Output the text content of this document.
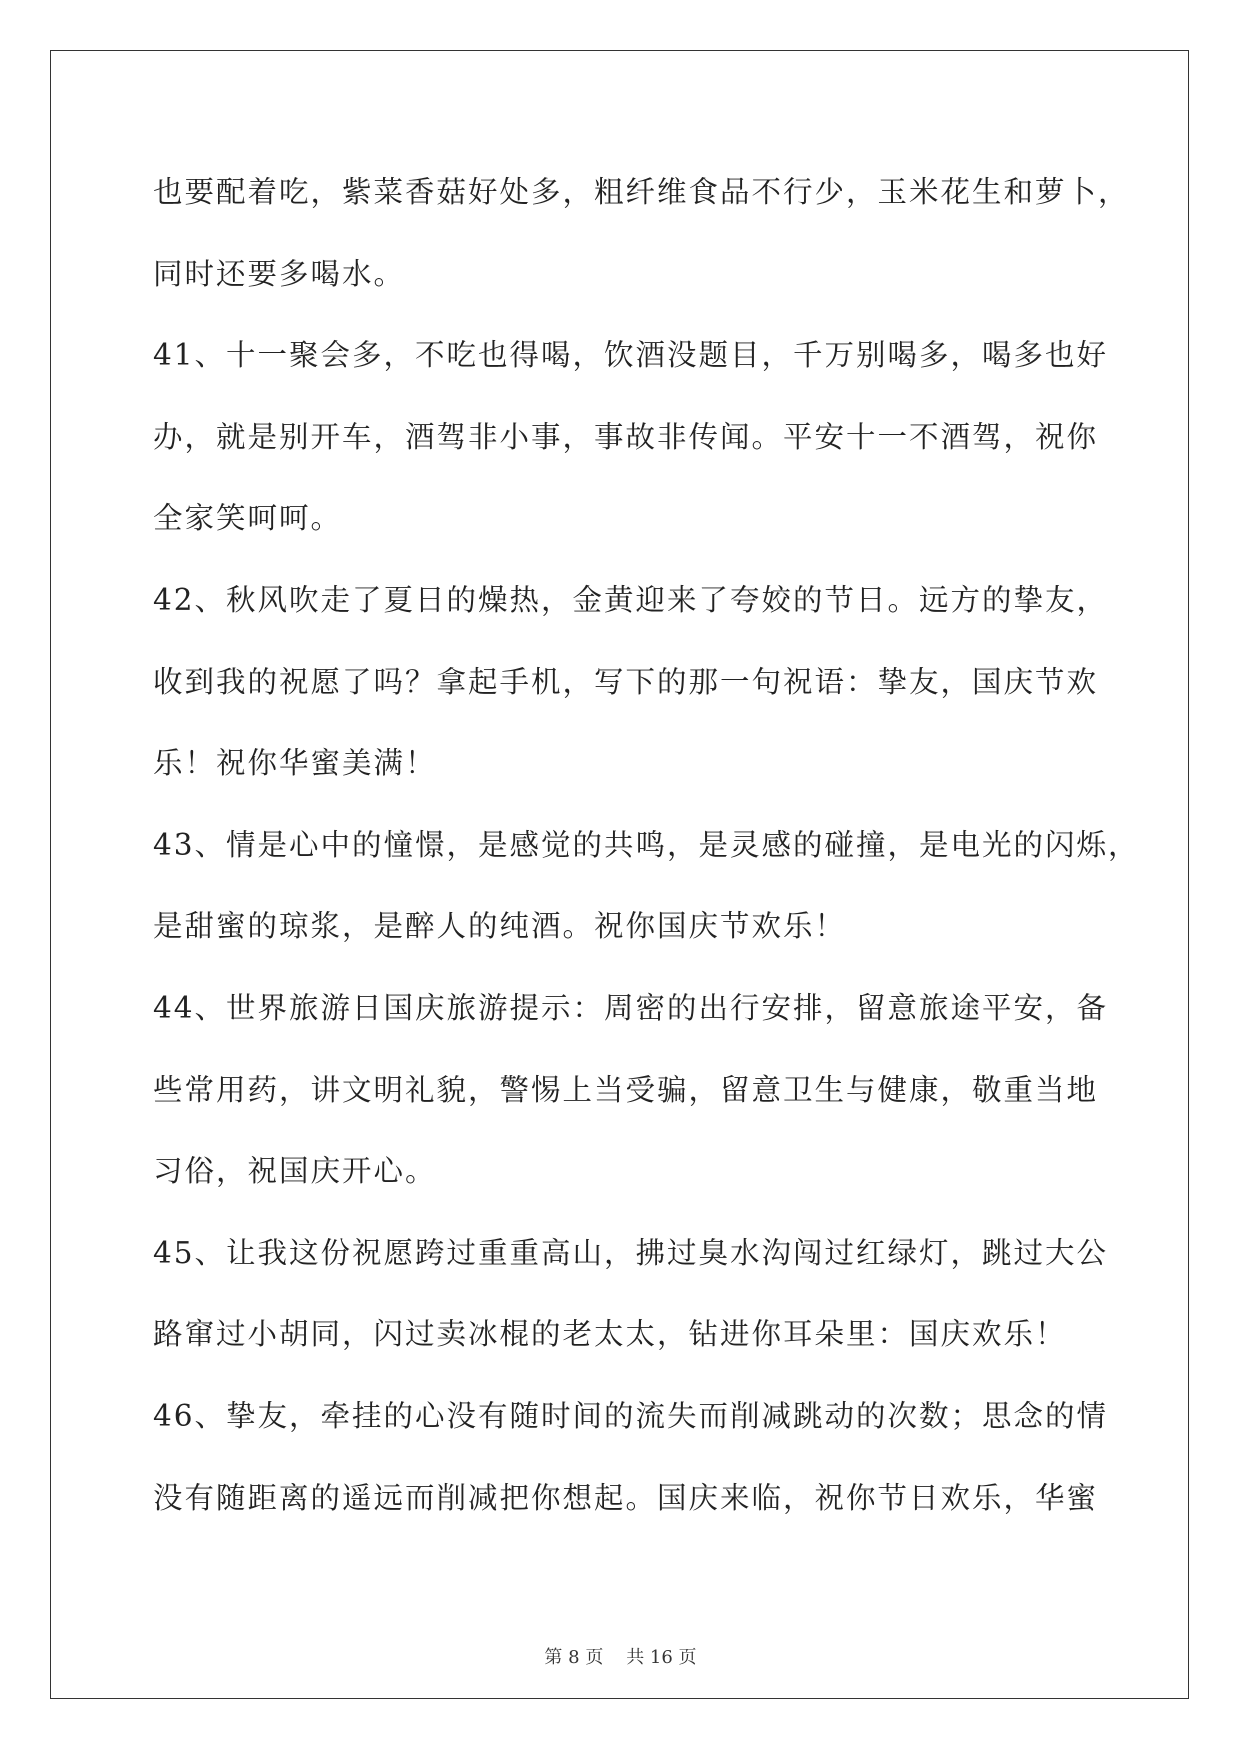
也要配着吃，紫菜香菇好处多，粗纤维食品不行少，玉米花生和萝卜，
同时还要多喝水。
41、十一聚会多，不吃也得喝，饮酒没题目，千万别喝多，喝多也好
办，就是别开车，酒驾非小事，事故非传闻。平安十一不酒驾，祝你
全家笑呵呵。
42、秋风吹走了夏日的燥热，金黄迎来了夸姣的节日。远方的挚友，
收到我的祝愿了吗？拿起手机，写下的那一句祝语：挚友，国庆节欢
乐！祝你华蜜美满！
43、情是心中的憧憬，是感觉的共鸣，是灵感的碰撞，是电光的闪烁，
是甜蜜的琼浆，是醉人的纯酒。祝你国庆节欢乐！
44、世界旅游日国庆旅游提示：周密的出行安排，留意旅途平安，备
些常用药，讲文明礼貌，警惕上当受骗，留意卫生与健康，敬重当地
习俗，祝国庆开心。
45、让我这份祝愿跨过重重高山，拂过臭水沟闯过红绿灯，跳过大公
路窜过小胡同，闪过卖冰棍的老太太，钻进你耳朵里：国庆欢乐！
46、挚友，牵挂的心没有随时间的流失而削减跳动的次数；思念的情
没有随距离的遥远而削减把你想起。国庆来临，祝你节日欢乐，华蜜
第 8 页    共 16 页
